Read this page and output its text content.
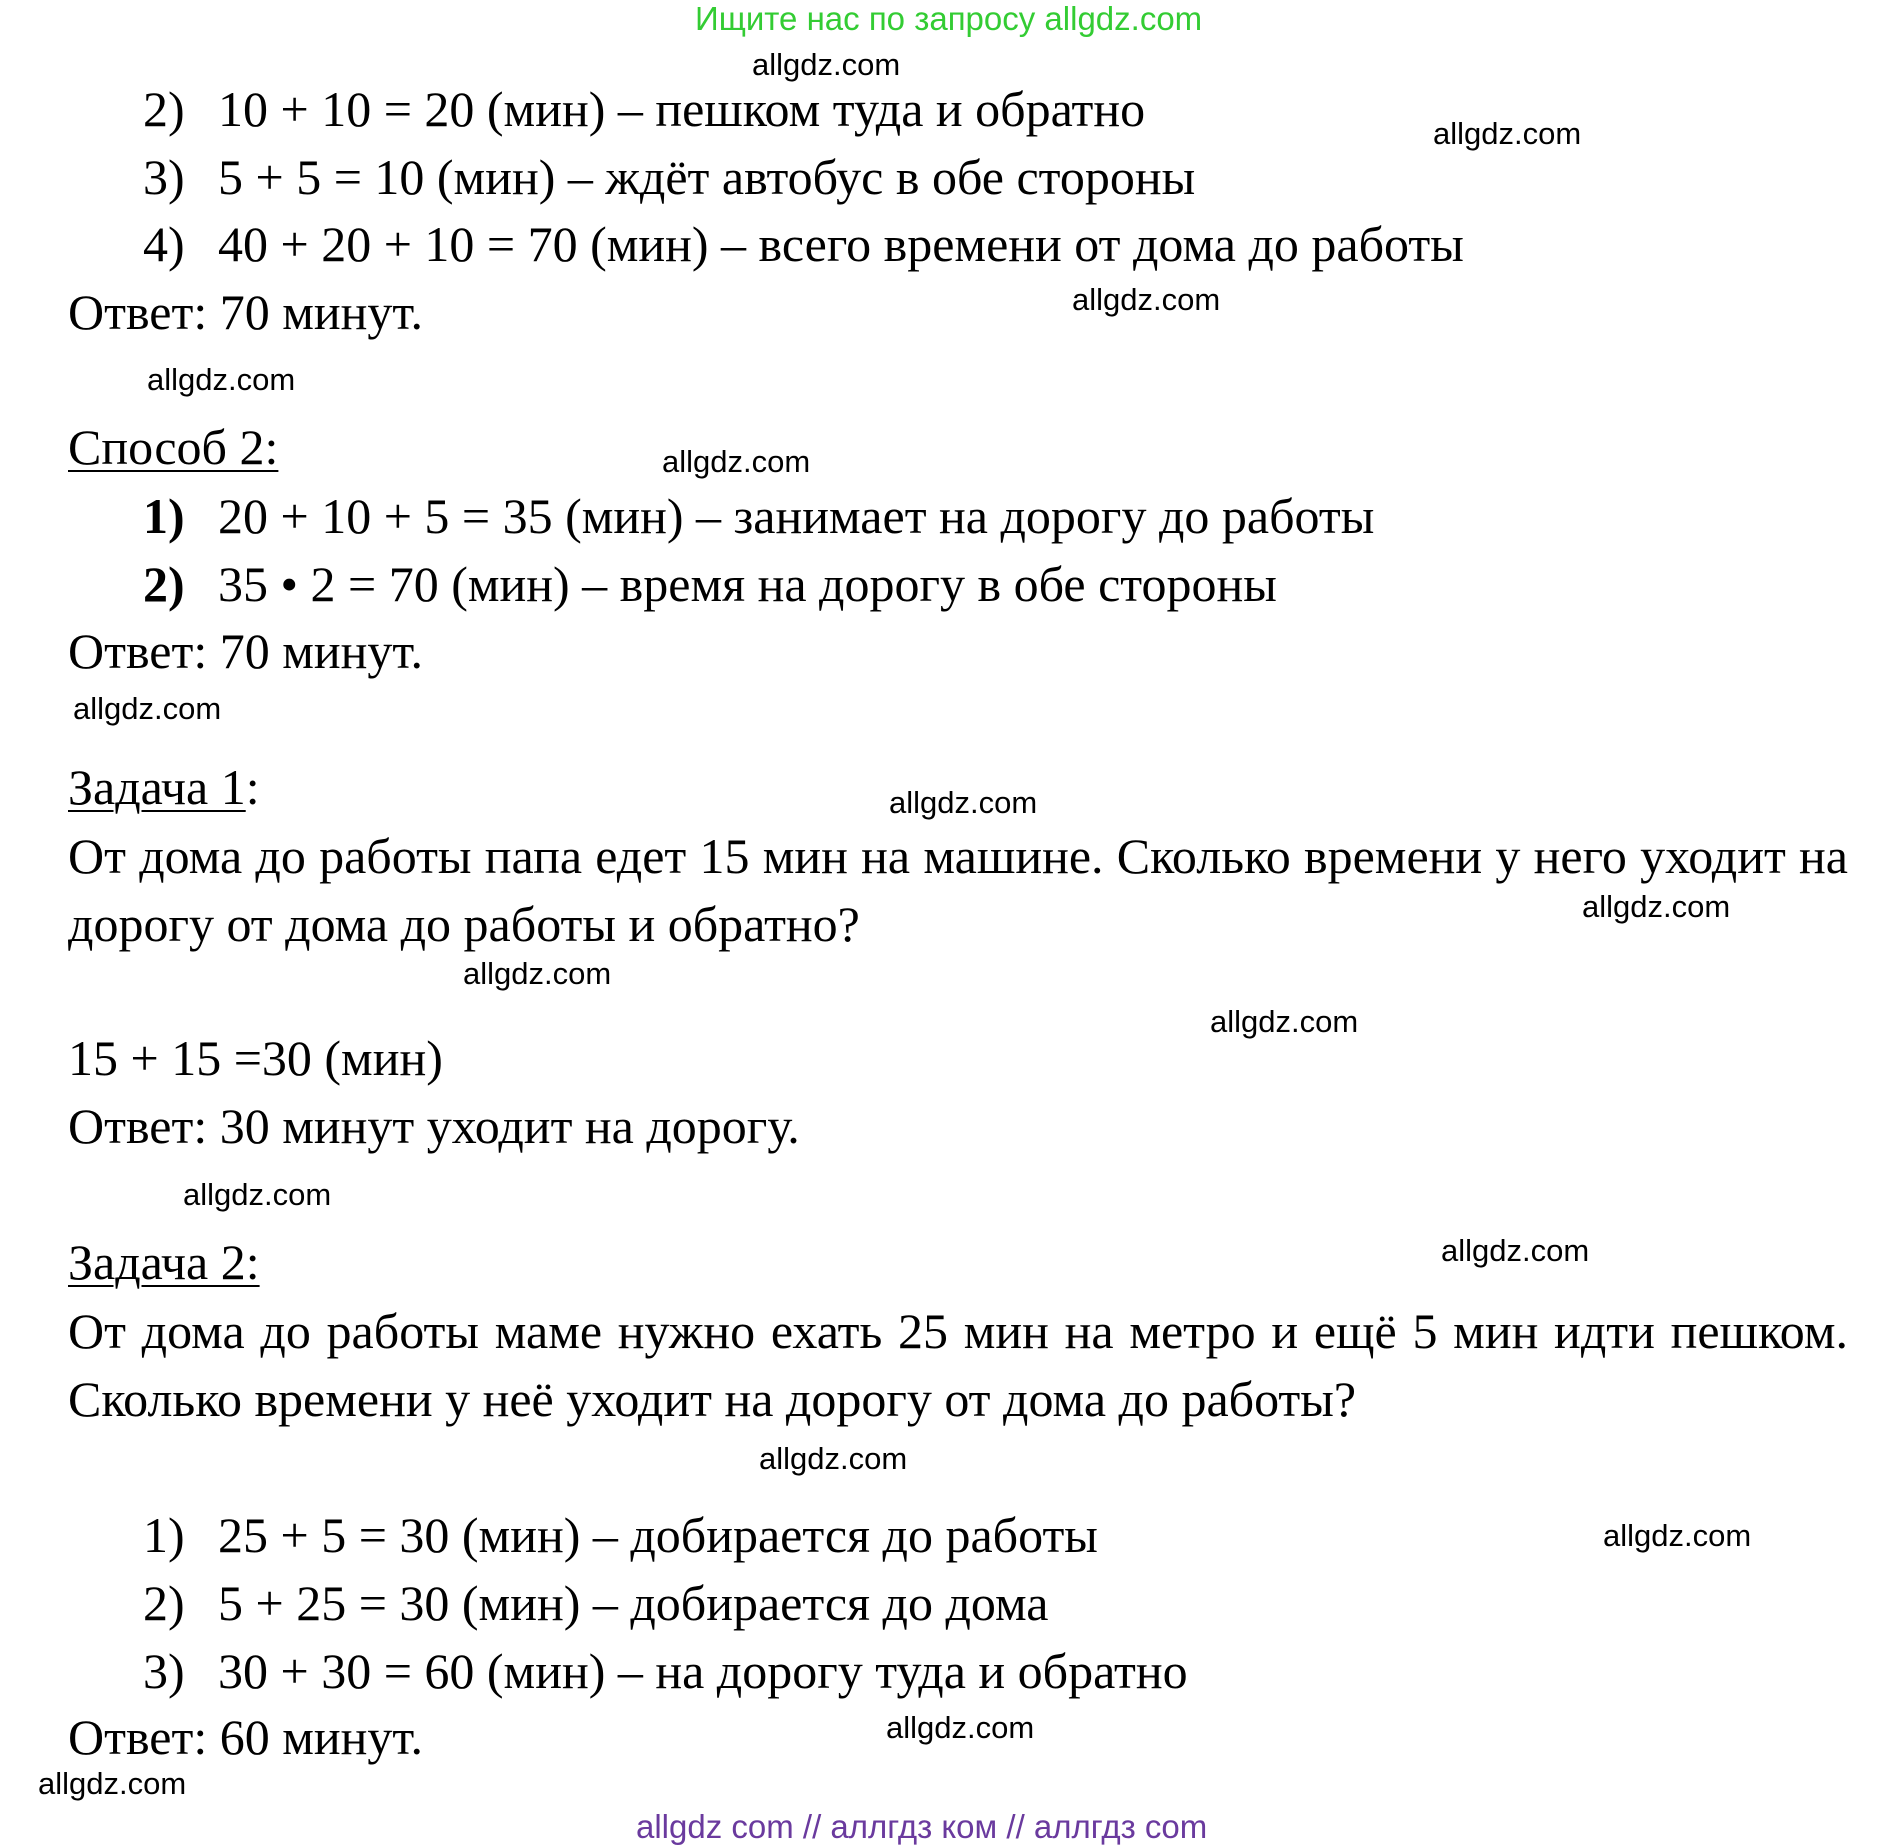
Ищите нас по запросу allgdz.com
2) 10 + 10 = 20 (мин) – пешком туда и обратно
3) 5 + 5 = 10 (мин) – ждёт автобус в обе стороны
4) 40 + 20 + 10 = 70 (мин) – всего времени от дома до работы
Ответ: 70 минут.
Способ 2:
1) 20 + 10 + 5 = 35 (мин) – занимает на дорогу до работы
2) 35 • 2 = 70 (мин) – время на дорогу в обе стороны
Ответ: 70 минут.
Задача 1:
От дома до работы папа едет 15 мин на машине. Сколько времени у него уходит на дорогу от дома до работы и обратно?
15 + 15 =30 (мин)
Ответ: 30 минут уходит на дорогу.
Задача 2:
От дома до работы маме нужно ехать 25 мин на метро и ещё 5 мин идти пешком. Сколько времени у неё уходит на дорогу от дома до работы?
1) 25 + 5 = 30 (мин) – добирается до работы
2) 5 + 25 = 30 (мин) – добирается до дома
3) 30 + 30 = 60 (мин) – на дорогу туда и обратно
Ответ: 60 минут.
allgdz.com
allgdz.com
allgdz.com
allgdz.com
allgdz.com
allgdz.com
allgdz.com
allgdz.com
allgdz.com
allgdz.com
allgdz.com
allgdz.com
allgdz.com
allgdz.com
allgdz.com
allgdz.com
allgdz com // аллгдз ком // аллгдз com
